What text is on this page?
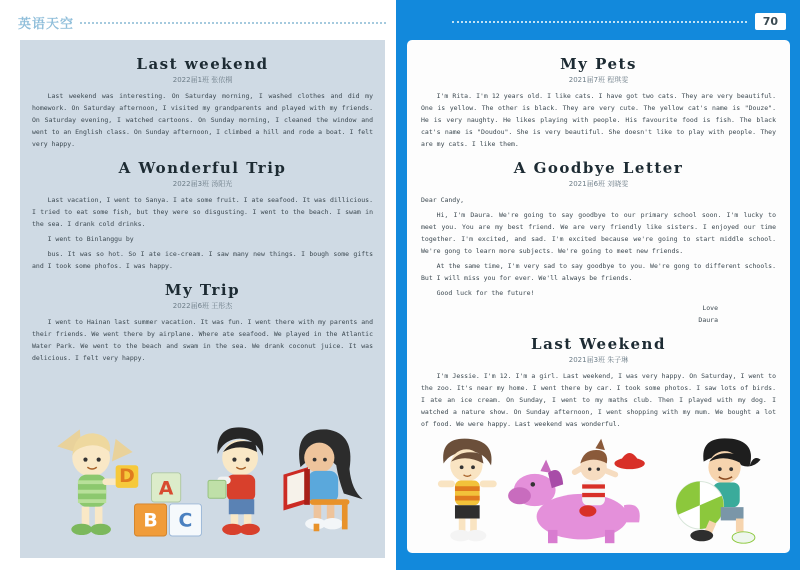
英语天空
Last weekend
2022届1班 张依桐

Last weekend was interesting. On Saturday morning, I washed clothes and did my homework. On Saturday afternoon, I visited my grandparents and played with my friends. On Saturday evening, I watched cartoons. On Sunday morning, I cleaned the window and went to an English class. On Sunday afternoon, I climbed a hill and rode a boat. I felt very happy.

A Wonderful Trip
2022届3班 汤阳光

Last vacation, I went to Sanya. I ate some fruit. I ate seafood. It was dillicious. I tried to eat some fish, but they were so disgusting. I went to the beach. I swam in the sea. I drank cold drinks.

I went to Binlanggu by

bus. It was so hot. So I ate ice-cream. I saw many new things. I bough some gifts and I took some phofos. I was happy.

My Trip
2022届6班 王彤杰

I went to Hainan last summer vacation. It was fun. I went there with my parents and their friends. We went there by airplane. Where ate seafood. We played in the Atlantic Water Park. We went to the beach and swam in the sea. We drank coconut juice. It was delicious. I felt very happy.

D
A
B C
70
My Pets
2021届7班 程琪雯

I'm Rita. I'm 12 years old. I like cats. I have got two cats. They are very beautiful. One is yellow. The other is black. They are very cute. The yellow cat's name is "Douze". He is very naughty. He likes playing with people. His favourite food is fish. The black cat's name is "Doudou". She is very beautiful. She doesn't like to play with people. They are my cats. I like them.

A Goodbye Letter
2021届6班 刘晓雯

Dear Candy,

Hi, I'm Daura. We're going to say goodbye to our primary school soon. I'm lucky to meet you. You are my best friend. We are very friendly like sisters. I enjoyed our time together. I'm excited, and sad. I'm excited because we're going to start middle school. We're gong to learn more subjects. We're going to meet new friends.

At the same time, I'm very sad to say goodbye to you. We're gong to different schools. But I will miss you for ever. We'll always be friends.

Good luck for the future!

Love

Daura

Last Weekend
2021届3班 朱子琳

I'm Jessie. I'm 12. I'm a girl. Last weekend, I was very happy. On Saturday, I went to the zoo. It's near my home. I went there by car. I took some photos. I saw lots of birds. I ate an ice cream. On Sunday, I went to my maths club. Then I played with my dog. I watched a nature show. On Sunday afternoon, I went shopping with my mum. We bought a lot of food. We were happy. Last weekend was wonderful.
